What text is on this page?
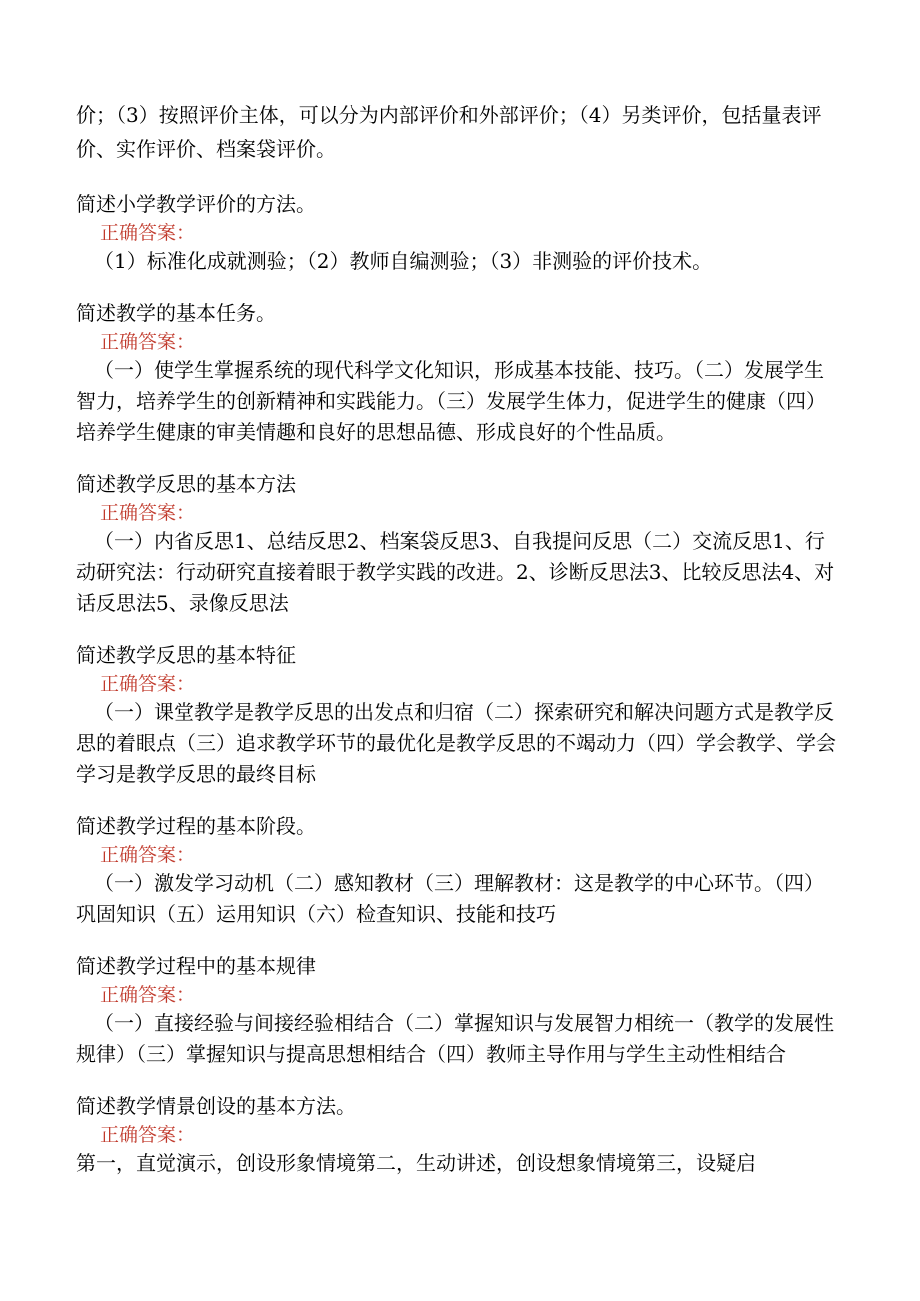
价；（3）按照评价主体，可以分为内部评价和外部评价；（4）另类评价，包括量表评价、实作评价、档案袋评价。

简述小学教学评价的方法。

正确答案：

（1）标准化成就测验；（2）教师自编测验；（3）非测验的评价技术。

简述教学的基本任务。

正确答案：

（一）使学生掌握系统的现代科学文化知识，形成基本技能、技巧。（二）发展学生智力，培养学生的创新精神和实践能力。（三）发展学生体力，促进学生的健康（四）培养学生健康的审美情趣和良好的思想品德、形成良好的个性品质。

简述教学反思的基本方法

正确答案：

（一）内省反思1、总结反思2、档案袋反思3、自我提问反思（二）交流反思1、行动研究法：行动研究直接着眼于教学实践的改进。2、诊断反思法3、比较反思法4、对话反思法5、录像反思法

简述教学反思的基本特征

正确答案：

（一）课堂教学是教学反思的出发点和归宿（二）探索研究和解决问题方式是教学反思的着眼点（三）追求教学环节的最优化是教学反思的不竭动力（四）学会教学、学会学习是教学反思的最终目标

简述教学过程的基本阶段。

正确答案：

（一）激发学习动机（二）感知教材（三）理解教材：这是教学的中心环节。（四）巩固知识（五）运用知识（六）检查知识、技能和技巧

简述教学过程中的基本规律

正确答案：

（一）直接经验与间接经验相结合（二）掌握知识与发展智力相统一（教学的发展性规律）（三）掌握知识与提高思想相结合（四）教师主导作用与学生主动性相结合

简述教学情景创设的基本方法。

正确答案：

第一，直觉演示，创设形象情境第二，生动讲述，创设想象情境第三，设疑启
